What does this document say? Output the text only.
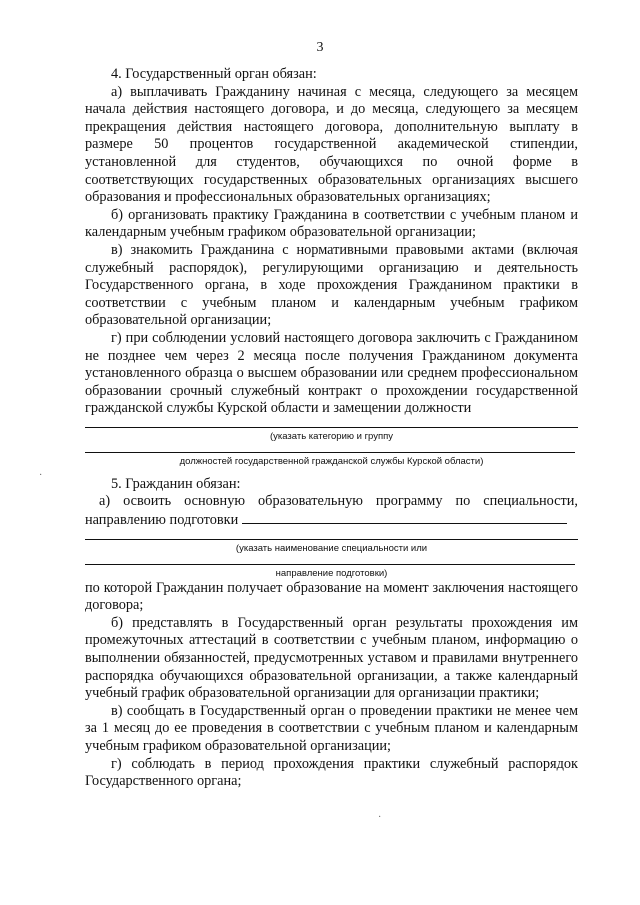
3

4. Государственный орган обязан:

а) выплачивать Гражданину начиная с месяца, следующего за месяцем начала действия настоящего договора, и до месяца, следующего за месяцем прекращения действия настоящего договора, дополнительную выплату в размере 50 процентов государственной академической стипендии, установленной для студентов, обучающихся по очной форме в соответствующих государственных образовательных организациях высшего образования и профессиональных образовательных организациях;

б) организовать практику Гражданина в соответствии с учебным планом и календарным учебным графиком образовательной организации;

в) знакомить Гражданина с нормативными правовыми актами (включая служебный распорядок), регулирующими организацию и деятельность Государственного органа, в ходе прохождения Гражданином практики в соответствии с учебным планом и календарным учебным графиком образовательной организации;

г) при соблюдении условий настоящего договора заключить с Гражданином не позднее чем через 2 месяца после получения Гражданином документа установленного образца о высшем образовании или среднем профессиональном образовании срочный служебный контракт о прохождении государственной гражданской службы Курской области и замещении должности

(указать категорию и группу
должностей государственной гражданской службы Курской области)

5. Гражданин обязан:

а) освоить основную образовательную программу по специальности, направлению подготовки

(указать наименование специальности или
направление подготовки)

по которой Гражданин получает образование на момент заключения настоящего договора;

б) представлять в Государственный орган результаты прохождения им промежуточных аттестаций в соответствии с учебным планом, информацию о выполнении обязанностей, предусмотренных уставом и правилами внутреннего распорядка обучающихся образовательной организации, а также календарный учебный график образовательной организации для организации практики;

в) сообщать в Государственный орган о проведении практики не менее чем за 1 месяц до ее проведения в соответствии с учебным планом и календарным учебным графиком образовательной организации;

г) соблюдать в период прохождения практики служебный распорядок Государственного органа;

·
·
